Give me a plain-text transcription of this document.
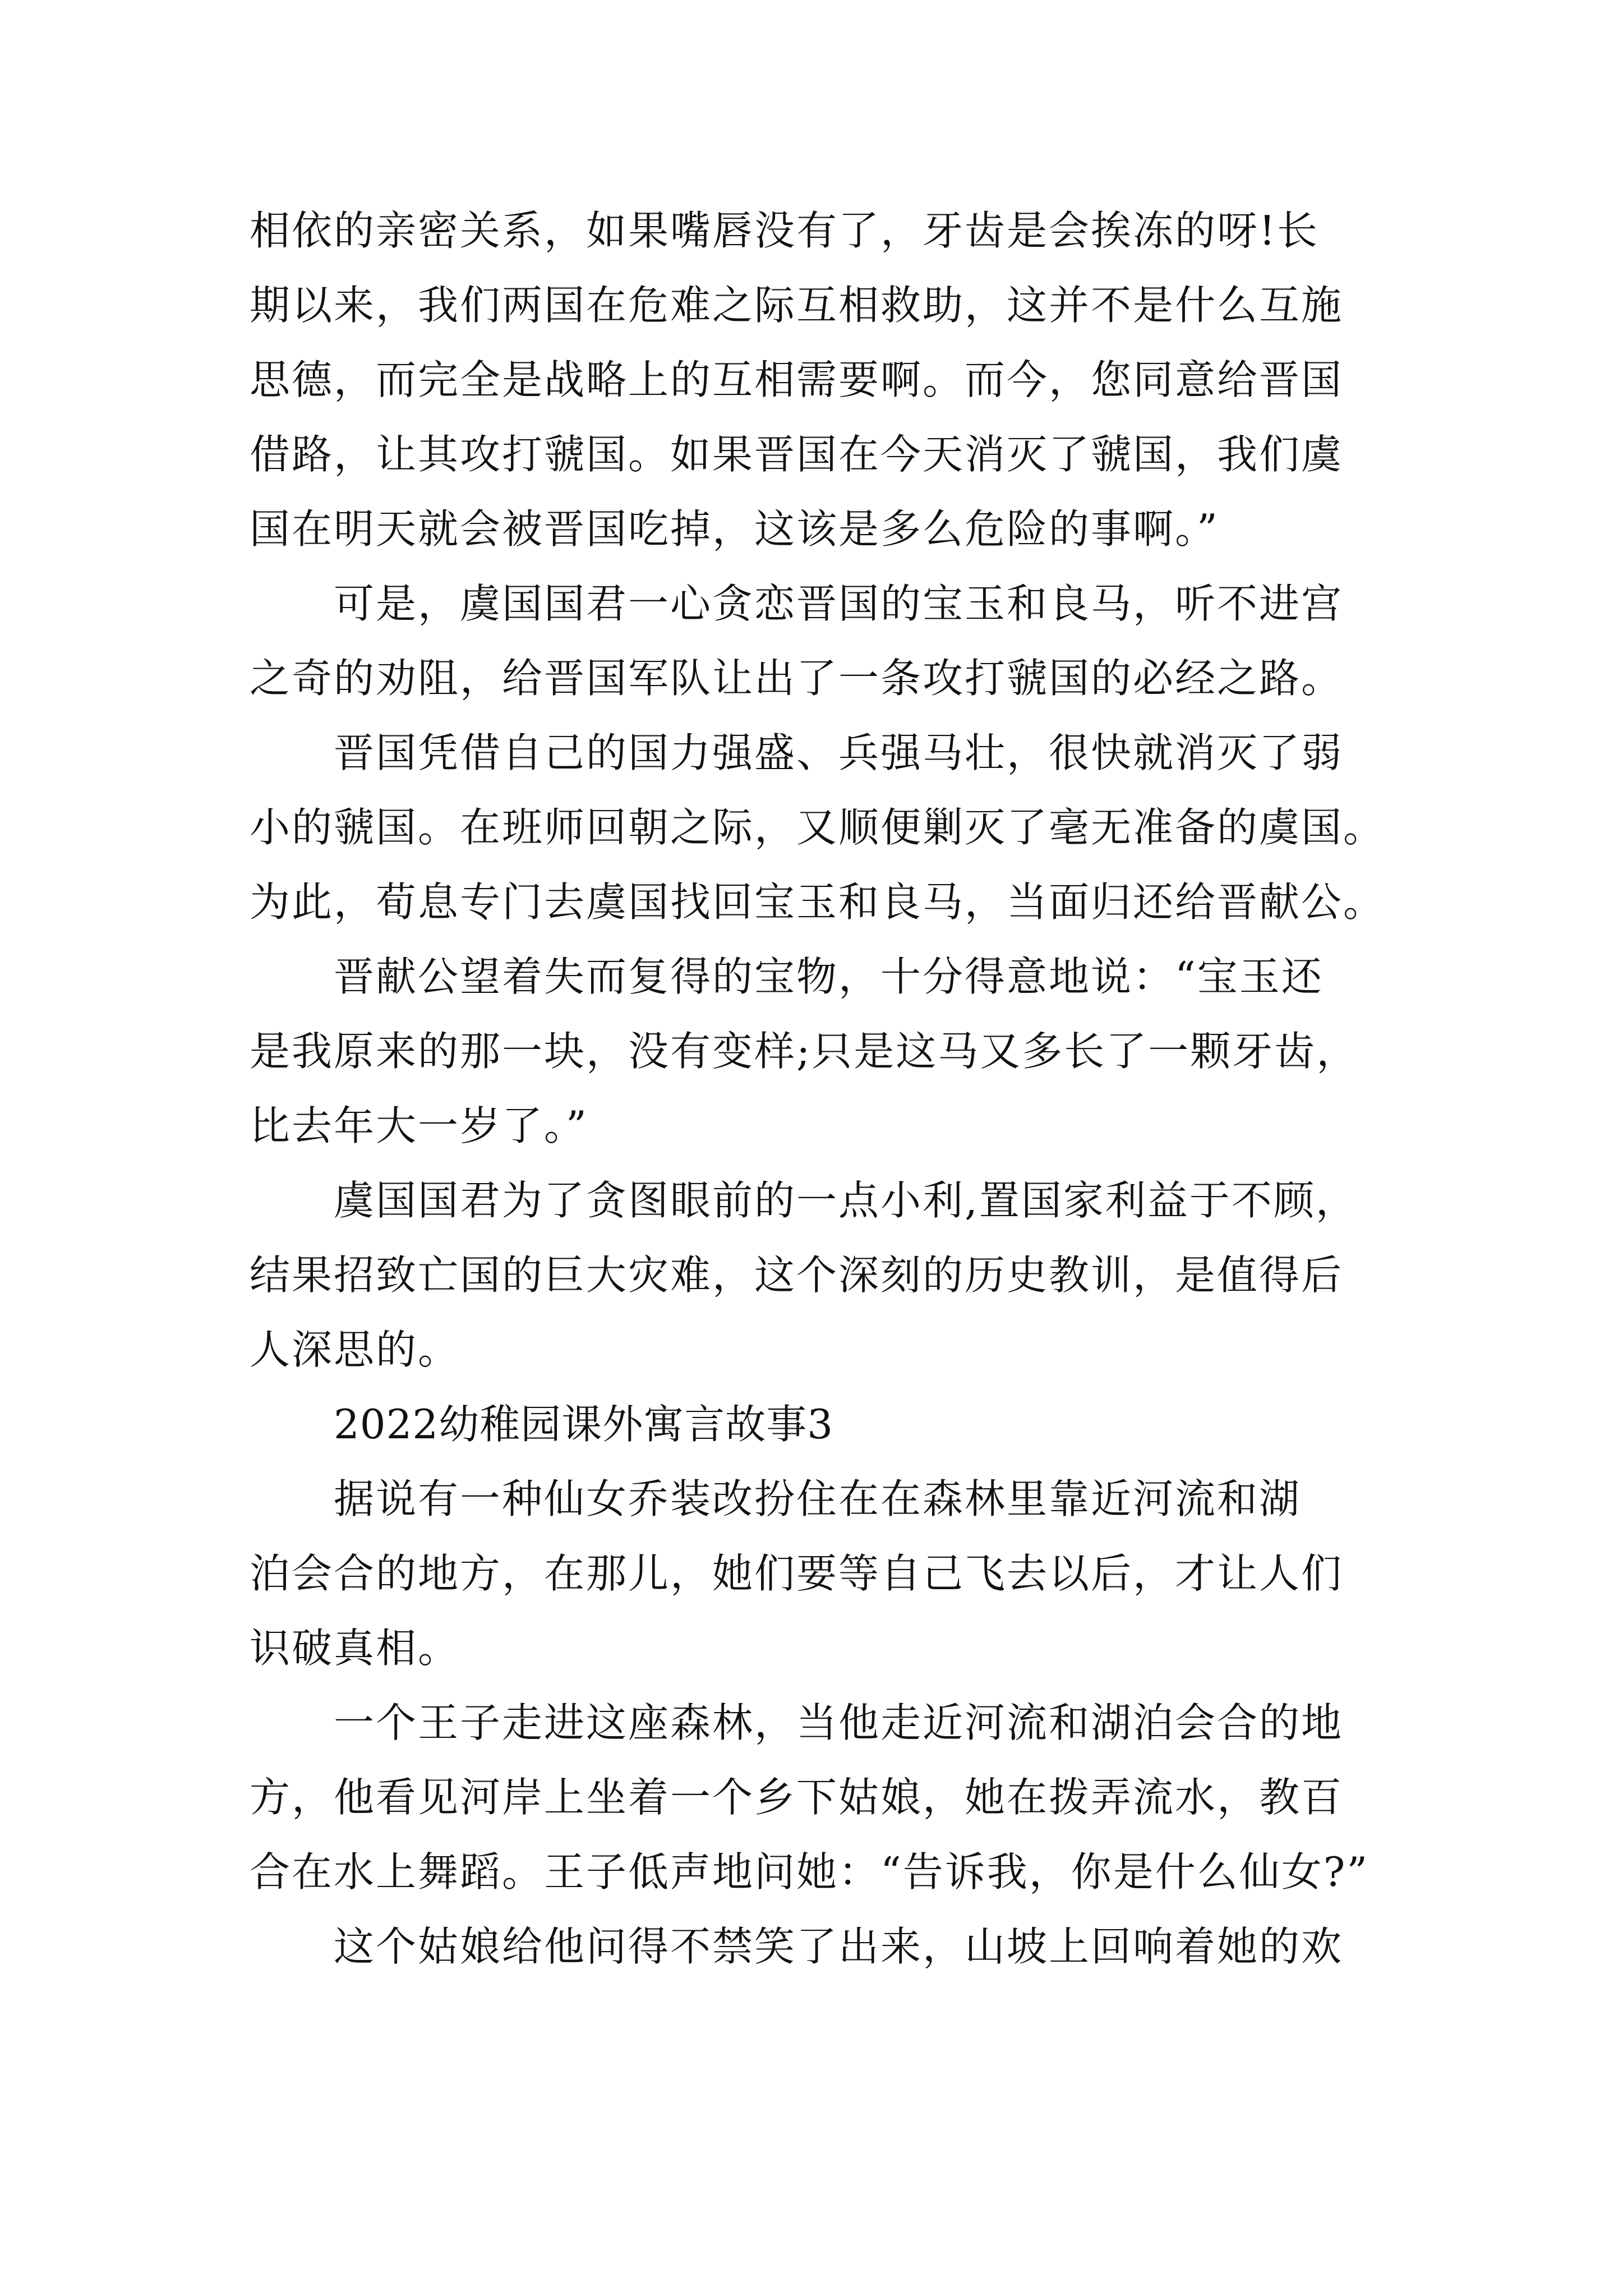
相依的亲密关系，如果嘴唇没有了，牙齿是会挨冻的呀!长
期以来，我们两国在危难之际互相救助，这并不是什么互施
思德，而完全是战略上的互相需要啊。而今，您同意给晋国
借路，让其攻打虢国。如果晋国在今天消灭了虢国，我们虞
国在明天就会被晋国吃掉，这该是多么危险的事啊。”
可是，虞国国君一心贪恋晋国的宝玉和良马，听不进宫
之奇的劝阻，给晋国军队让出了一条攻打虢国的必经之路。
晋国凭借自己的国力强盛、兵强马壮，很快就消灭了弱
小的虢国。在班师回朝之际，又顺便剿灭了毫无准备的虞国。
为此，荀息专门去虞国找回宝玉和良马，当面归还给晋献公。
晋献公望着失而复得的宝物，十分得意地说：“宝玉还
是我原来的那一块，没有变样;只是这马又多长了一颗牙齿，
比去年大一岁了。”
虞国国君为了贪图眼前的一点小利,置国家利益于不顾，
结果招致亡国的巨大灾难，这个深刻的历史教训，是值得后
人深思的。
2022幼稚园课外寓言故事3
据说有一种仙女乔装改扮住在在森林里靠近河流和湖
泊会合的地方，在那儿，她们要等自己飞去以后，才让人们
识破真相。
一个王子走进这座森林，当他走近河流和湖泊会合的地
方，他看见河岸上坐着一个乡下姑娘，她在拨弄流水，教百
合在水上舞蹈。王子低声地问她：“告诉我，你是什么仙女?”
这个姑娘给他问得不禁笑了出来，山坡上回响着她的欢
